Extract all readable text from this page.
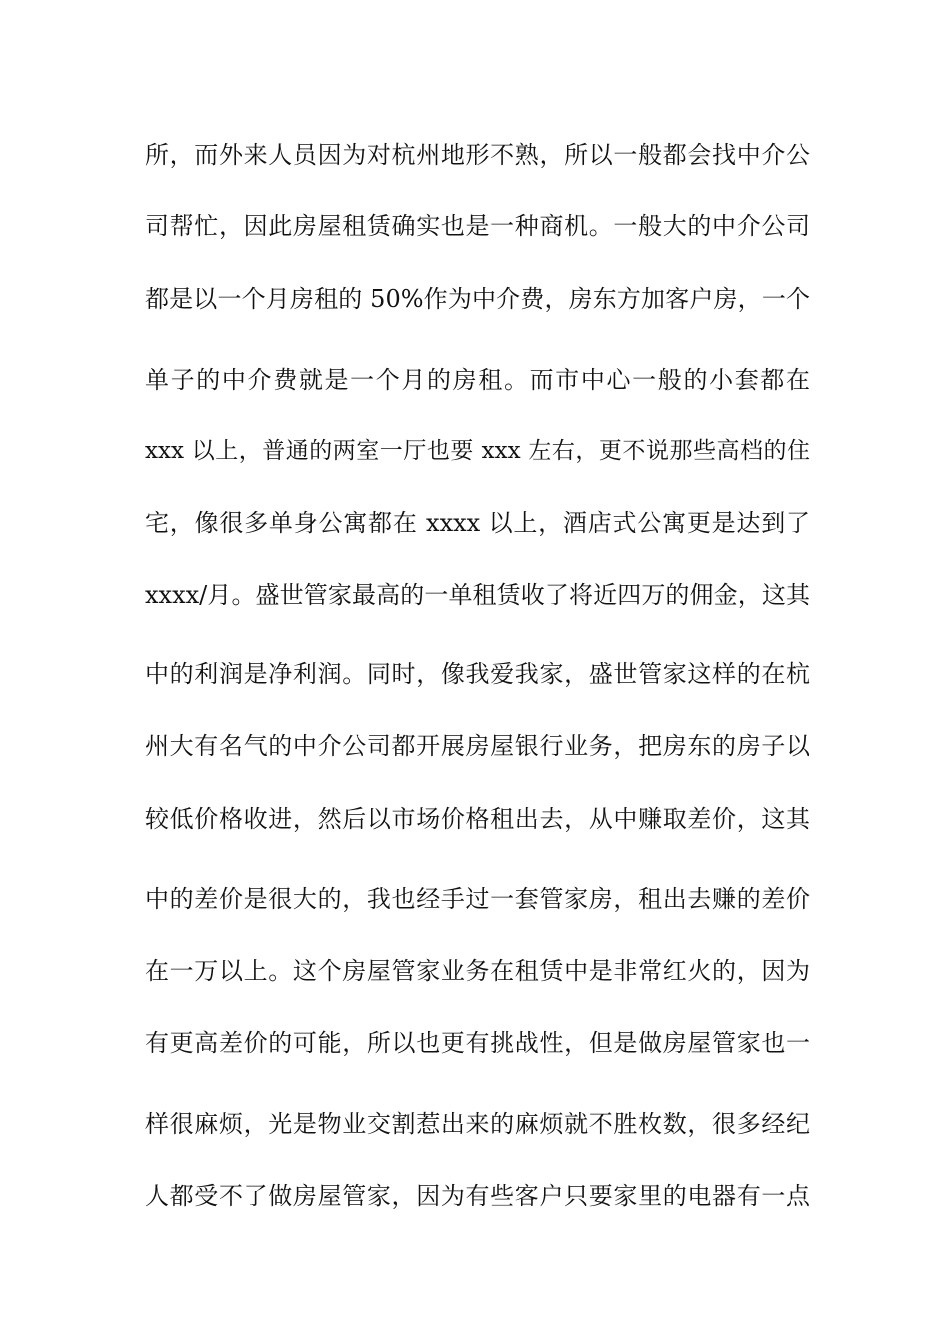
所，而外来人员因为对杭州地形不熟，所以一般都会找中介公
司帮忙，因此房屋租赁确实也是一种商机。一般大的中介公司
都是以一个月房租的 50%作为中介费，房东方加客户房，一个
单子的中介费就是一个月的房租。而市中心一般的小套都在
xxx 以上，普通的两室一厅也要 xxx 左右，更不说那些高档的住
宅，像很多单身公寓都在 xxxx 以上，酒店式公寓更是达到了
xxxx/月。盛世管家最高的一单租赁收了将近四万的佣金，这其
中的利润是净利润。同时，像我爱我家，盛世管家这样的在杭
州大有名气的中介公司都开展房屋银行业务，把房东的房子以
较低价格收进，然后以市场价格租出去，从中赚取差价，这其
中的差价是很大的，我也经手过一套管家房，租出去赚的差价
在一万以上。这个房屋管家业务在租赁中是非常红火的，因为
有更高差价的可能，所以也更有挑战性，但是做房屋管家也一
样很麻烦，光是物业交割惹出来的麻烦就不胜枚数，很多经纪
人都受不了做房屋管家，因为有些客户只要家里的电器有一点
